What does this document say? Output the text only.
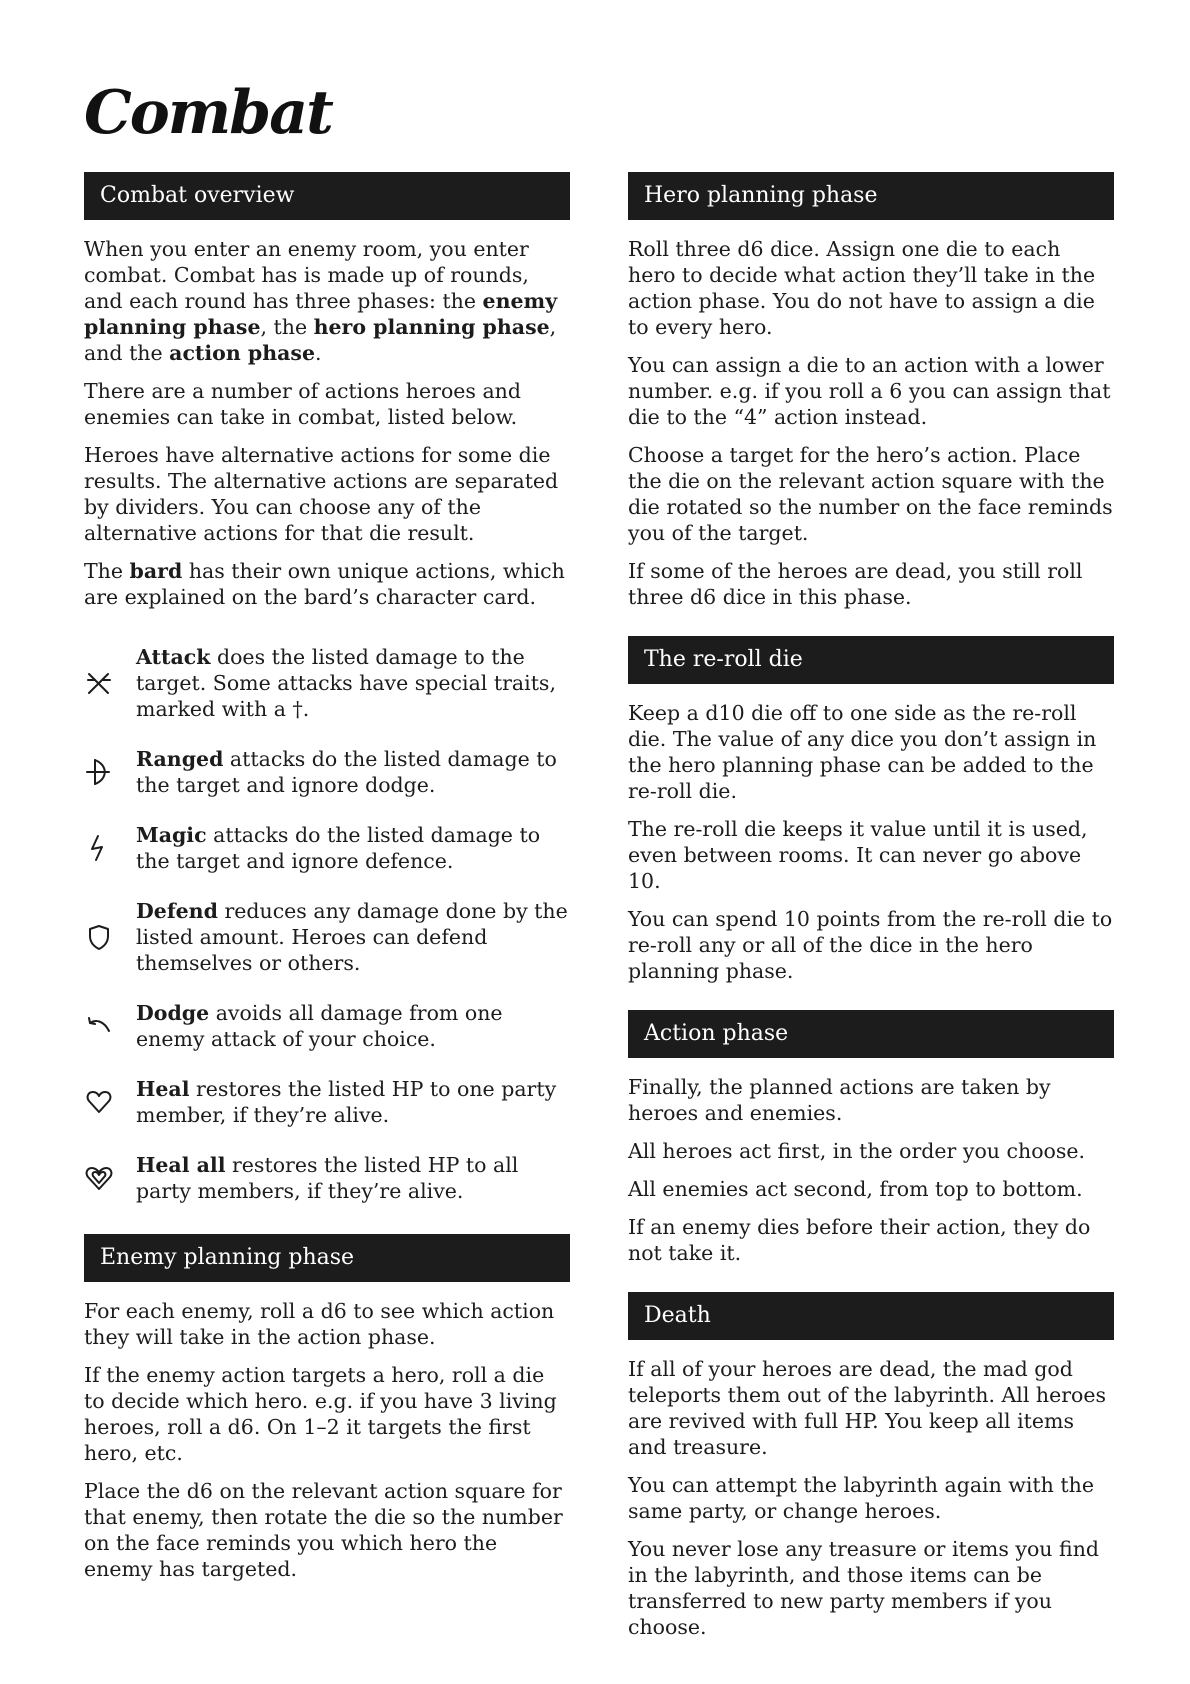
Combat
Combat overview

When you enter an enemy room, you enter combat. Combat has is made up of rounds, and each round has three phases: the enemy planning phase, the hero planning phase, and the action phase.

There are a number of actions heroes and enemies can take in combat, listed below.

Heroes have alternative actions for some die results. The alternative actions are separated by dividers. You can choose any of the alternative actions for that die result.

The bard has their own unique actions, which are explained on the bard’s character card.

Attack does the listed damage to the target. Some attacks have special traits, marked with a †.
Ranged attacks do the listed damage to the target and ignore dodge.
Magic attacks do the listed damage to the target and ignore defence.
Defend reduces any damage done by the listed amount. Heroes can defend themselves or others.
Dodge avoids all damage from one enemy attack of your choice.
Heal restores the listed HP to one party member, if they’re alive.
Heal all restores the listed HP to all party members, if they’re alive.
Enemy planning phase

For each enemy, roll a d6 to see which action they will take in the action phase.

If the enemy action targets a hero, roll a die to decide which hero. e.g. if you have 3 living heroes, roll a d6. On 1–2 it targets the first hero, etc.

Place the d6 on the relevant action square for that enemy, then rotate the die so the number on the face reminds you which hero the enemy has targeted.

Hero planning phase

Roll three d6 dice. Assign one die to each hero to decide what action they’ll take in the action phase. You do not have to assign a die to every hero.

You can assign a die to an action with a lower number. e.g. if you roll a 6 you can assign that die to the “4” action instead.

Choose a target for the hero’s action. Place the die on the relevant action square with the die rotated so the number on the face reminds you of the target.

If some of the heroes are dead, you still roll three d6 dice in this phase.

The re-roll die

Keep a d10 die off to one side as the re-roll die. The value of any dice you don’t assign in the hero planning phase can be added to the re-roll die.

The re-roll die keeps it value until it is used, even between rooms. It can never go above 10.

You can spend 10 points from the re-roll die to re-roll any or all of the dice in the hero planning phase.

Action phase

Finally, the planned actions are taken by heroes and enemies.

All heroes act first, in the order you choose.

All enemies act second, from top to bottom.

If an enemy dies before their action, they do not take it.

Death

If all of your heroes are dead, the mad god teleports them out of the labyrinth. All heroes are revived with full HP. You keep all items and treasure.

You can attempt the labyrinth again with the same party, or change heroes.

You never lose any treasure or items you find in the labyrinth, and those items can be transferred to new party members if you choose.
